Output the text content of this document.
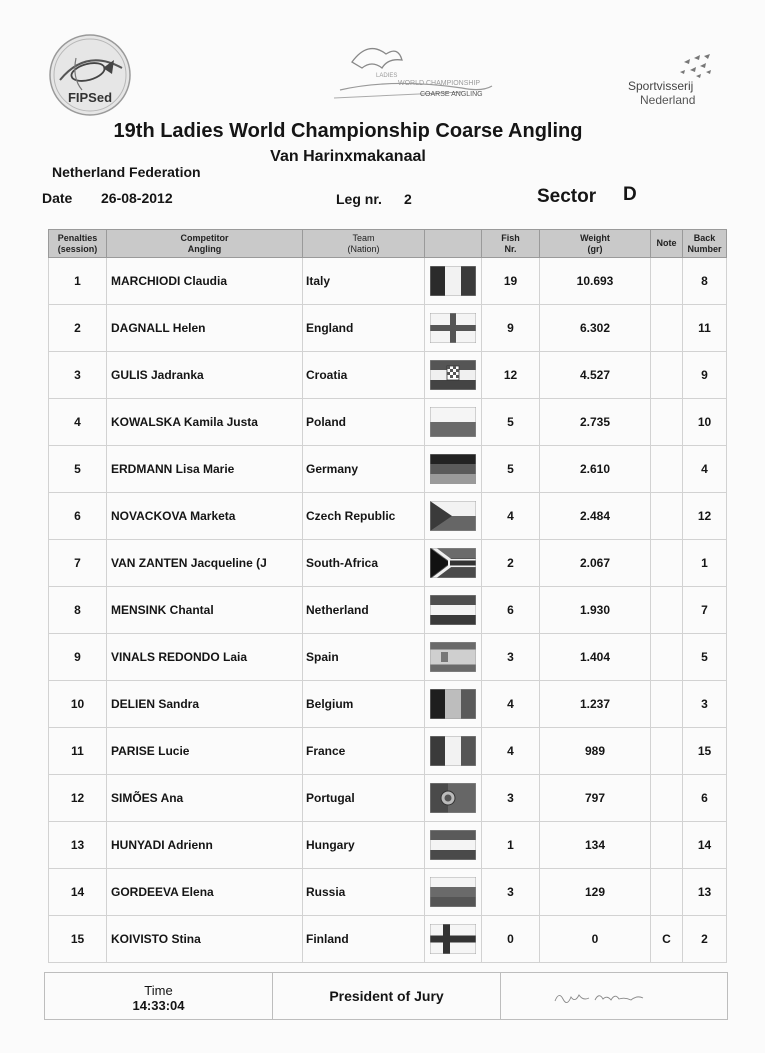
FIPSed
LADIES
WORLD CHAMPIONSHIP
COARSE ANGLING
Sportvisserij
Nederland
19th Ladies World Championship Coarse Angling
Van Harinxmakanaal
Netherland Federation
Date 26-08-2012	Leg nr. 2	Sector D
Penalties
(session)	Competitor
Angling	Team
(Nation)		Fish
Nr.	Weight
(gr)	Note	Back
Number
1	MARCHIODI Claudia	Italy		19	10.693		8
2	DAGNALL Helen	England		9	6.302		11
3	GULIS Jadranka	Croatia		12	4.527		9
4	KOWALSKA Kamila Justa	Poland		5	2.735		10
5	ERDMANN Lisa Marie	Germany		5	2.610		4
6	NOVACKOVA Marketa	Czech Republic		4	2.484		12
7	VAN ZANTEN Jacqueline (J	South-Africa		2	2.067		1
8	MENSINK Chantal	Netherland		6	1.930		7
9	VINALS REDONDO Laia	Spain		3	1.404		5
10	DELIEN Sandra	Belgium		4	1.237		3
11	PARISE Lucie	France		4	989		15
12	SIMÕES Ana	Portugal		3	797		6
13	HUNYADI Adrienn	Hungary		1	134		14
14	GORDEEVA Elena	Russia		3	129		13
15	KOIVISTO Stina	Finland		0	0	C	2
Time
14:33:04
President of Jury
